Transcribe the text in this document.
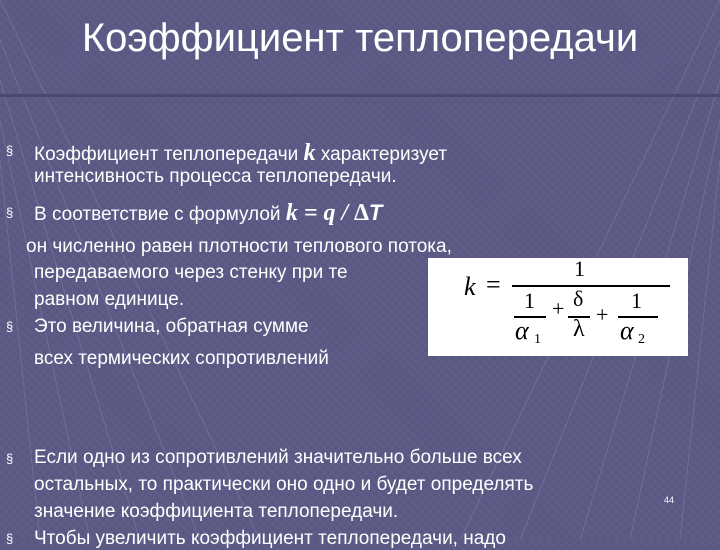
Коэффициент теплопередачи
§ Коэффициент теплопередачи k характеризует
интенсивность процесса теплопередачи.
§ В соответствие с формулой k = q / ∆T
он численно равен плотности теплового потока,
передаваемого через стенку при те
равном единице.
§ Это величина, обратная сумме
всех термических сопротивлений
k =
1
1
α 1
+ δ
λ
+
1
α 2
§ Если одно из сопротивлений значительно больше всех
остальных, то практически оно одно и будет определять
значение коэффициента теплопередачи.
44
§ Чтобы увеличить коэффициент теплопередачи, надо
